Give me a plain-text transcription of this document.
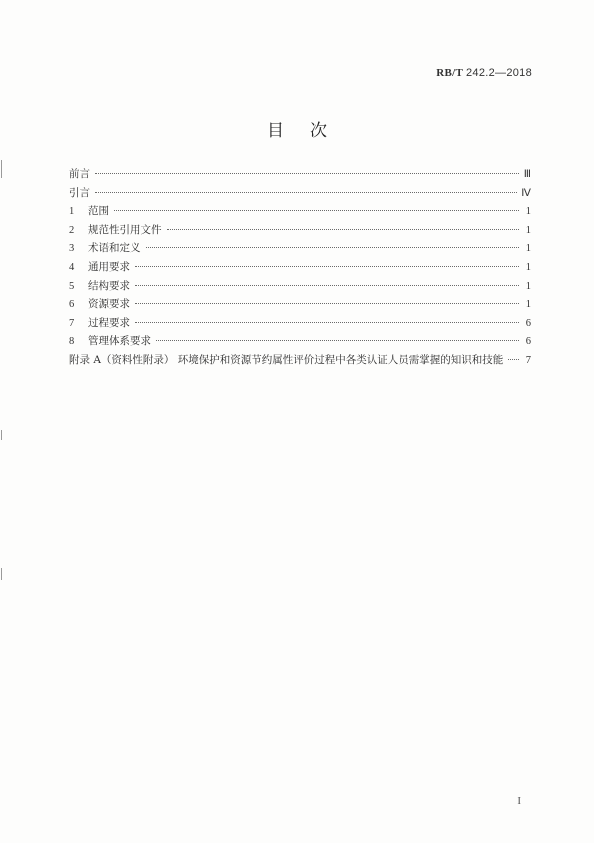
RB/T 242.2—2018
目次
前言	Ⅲ
引言	Ⅳ
1	范围	1
2	规范性引用文件	1
3	术语和定义	1
4	通用要求	1
5	结构要求	1
6	资源要求	1
7	过程要求	6
8	管理体系要求	6
附录 A（资料性附录） 环境保护和资源节约属性评价过程中各类认证人员需掌握的知识和技能 7
I
